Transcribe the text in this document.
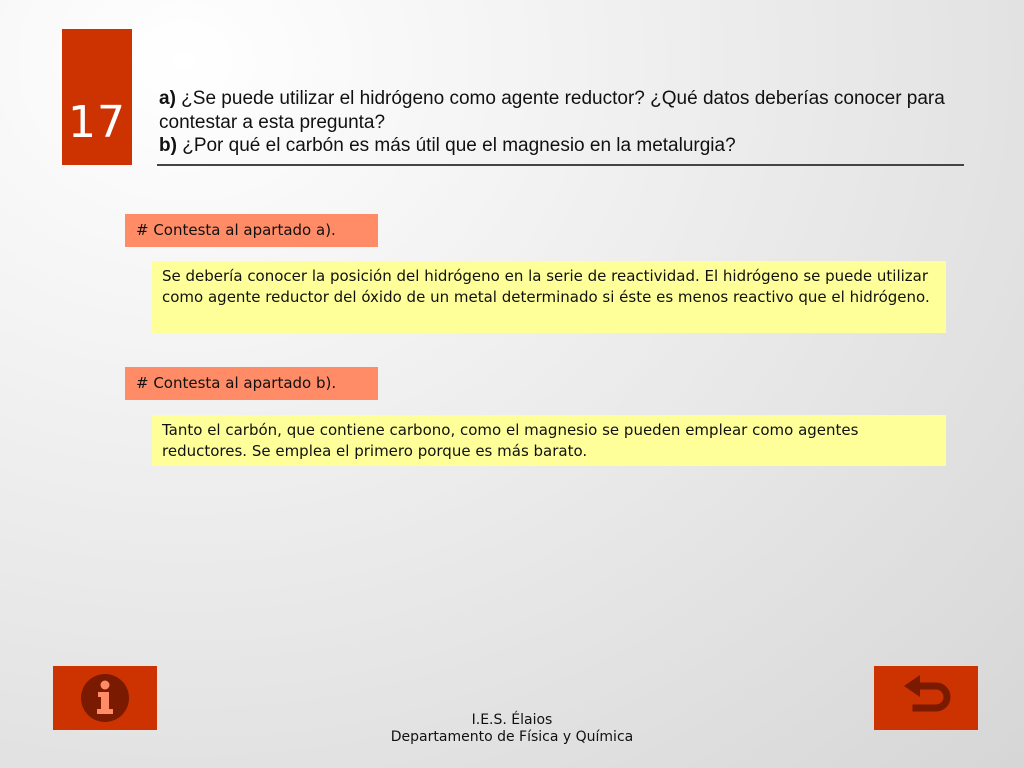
17 a) ¿Se puede utilizar el hidrógeno como agente reductor? ¿Qué datos deberías conocer para contestar a esta pregunta?
b) ¿Por qué el carbón es más útil que el magnesio en la metalurgia?
# Contesta al apartado a).
Se debería conocer la posición del hidrógeno en la serie de reactividad. El hidrógeno se puede utilizar como agente reductor del óxido de un metal determinado si éste es menos reactivo que el hidrógeno.
# Contesta al apartado b).
Tanto el carbón, que contiene carbono, como el magnesio se pueden emplear como agentes reductores. Se emplea el primero porque es más barato.
I.E.S. Élaios
Departamento de Física y Química
